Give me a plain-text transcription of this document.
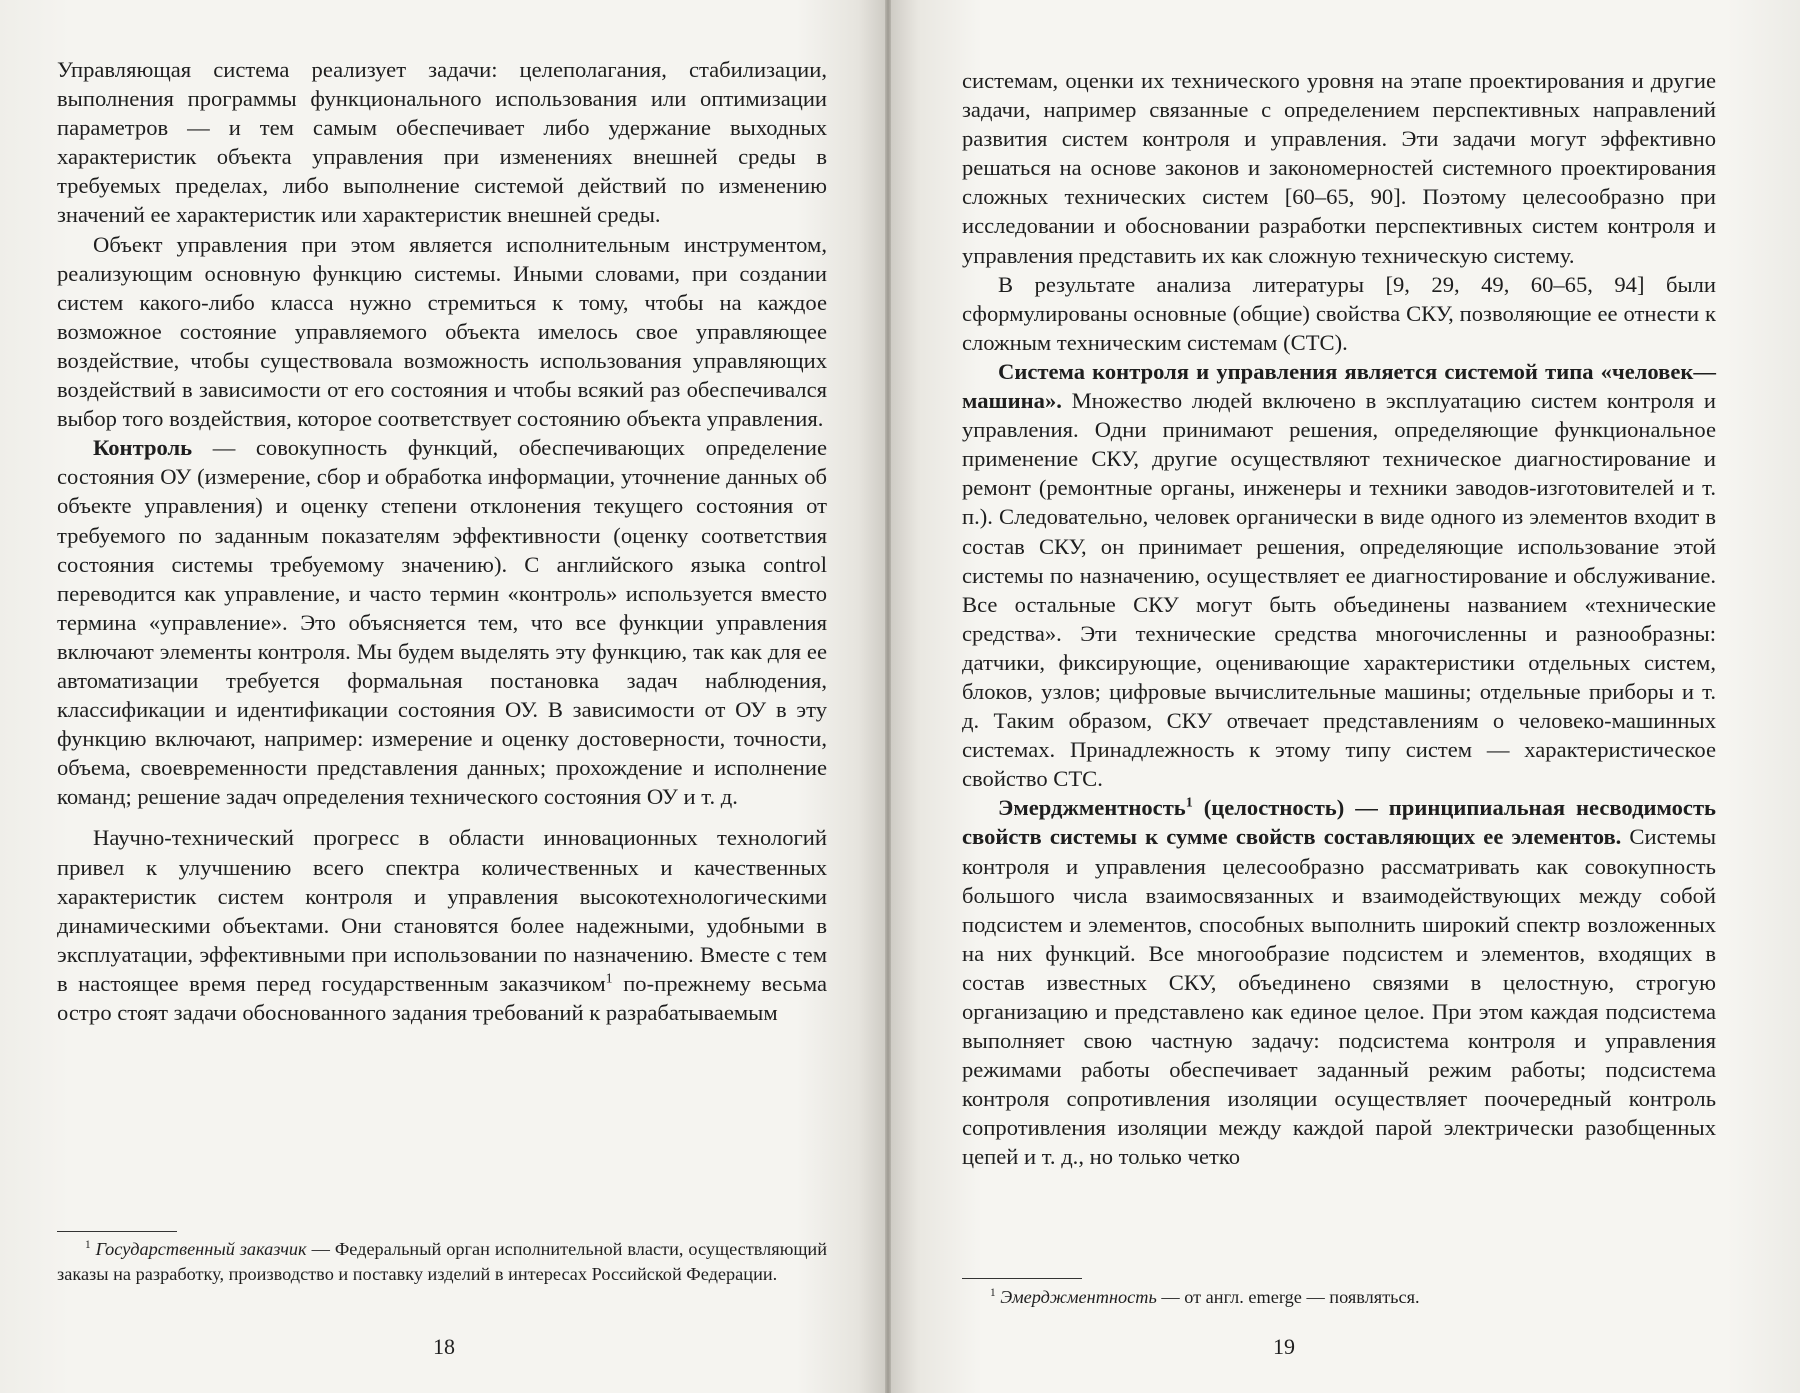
Управляющая система реализует задачи: целеполагания, стабилизации, выполнения программы функционального использования или оптимизации параметров — и тем самым обеспечивает либо удержание выходных характеристик объекта управления при изменениях внешней среды в требуемых пределах, либо выполнение системой действий по изменению значений ее характеристик или характеристик внешней среды.

Объект управления при этом является исполнительным инструментом, реализующим основную функцию системы. Иными словами, при создании систем какого-либо класса нужно стремиться к тому, чтобы на каждое возможное состояние управляемого объекта имелось свое управляющее воздействие, чтобы существовала возможность использования управляющих воздействий в зависимости от его состояния и чтобы всякий раз обеспечивался выбор того воздействия, которое соответствует состоянию объекта управления.

Контроль — совокупность функций, обеспечивающих определение состояния ОУ (измерение, сбор и обработка информации, уточнение данных об объекте управления) и оценку степени отклонения текущего состояния от требуемого по заданным показателям эффективности (оценку соответствия состояния системы требуемому значению). С английского языка control переводится как управление, и часто термин «контроль» используется вместо термина «управление». Это объясняется тем, что все функции управления включают элементы контроля. Мы будем выделять эту функцию, так как для ее автоматизации требуется формальная постановка задач наблюдения, классификации и идентификации состояния ОУ. В зависимости от ОУ в эту функцию включают, например: измерение и оценку достоверности, точности, объема, своевременности представления данных; прохождение и исполнение команд; решение задач определения технического состояния ОУ и т. д.

Научно-технический прогресс в области инновационных технологий привел к улучшению всего спектра количественных и качественных характеристик систем контроля и управления высокотехнологическими динамическими объектами. Они становятся более надежными, удобными в эксплуатации, эффективными при использовании по назначению. Вместе с тем в настоящее время перед государственным заказчиком$^1$ по-прежнему весьма остро стоят задачи обоснованного задания требований к разрабатываемым

$^1$ Государственный заказчик — Федеральный орган исполнительной власти, осуществляющий заказы на разработку, производство и поставку изделий в интересах Российской Федерации.
18

системам, оценки их технического уровня на этапе проектирования и другие задачи, например связанные с определением перспективных направлений развития систем контроля и управления. Эти задачи могут эффективно решаться на основе законов и закономерностей системного проектирования сложных технических систем [60–65, 90]. Поэтому целесообразно при исследовании и обосновании разработки перспективных систем контроля и управления представить их как сложную техническую систему.

В результате анализа литературы [9, 29, 49, 60–65, 94] были сформулированы основные (общие) свойства СКУ, позволяющие ее отнести к сложным техническим системам (СТС).

Система контроля и управления является системой типа «человек—машина». Множество людей включено в эксплуатацию систем контроля и управления. Одни принимают решения, определяющие функциональное применение СКУ, другие осуществляют техническое диагностирование и ремонт (ремонтные органы, инженеры и техники заводов-изготовителей и т. п.). Следовательно, человек органически в виде одного из элементов входит в состав СКУ, он принимает решения, определяющие использование этой системы по назначению, осуществляет ее диагностирование и обслуживание. Все остальные СКУ могут быть объединены названием «технические средства». Эти технические средства многочисленны и разнообразны: датчики, фиксирующие, оценивающие характеристики отдельных систем, блоков, узлов; цифровые вычислительные машины; отдельные приборы и т. д. Таким образом, СКУ отвечает представлениям о человеко-машинных системах. Принадлежность к этому типу систем — характеристическое свойство СТС.

Эмерджментность$^1$ (целостность) — принципиальная несводимость свойств системы к сумме свойств составляющих ее элементов. Системы контроля и управления целесообразно рассматривать как совокупность большого числа взаимосвязанных и взаимодействующих между собой подсистем и элементов, способных выполнить широкий спектр возложенных на них функций. Все многообразие подсистем и элементов, входящих в состав известных СКУ, объединено связями в целостную, строгую организацию и представлено как единое целое. При этом каждая подсистема выполняет свою частную задачу: подсистема контроля и управления режимами работы обеспечивает заданный режим работы; подсистема контроля сопротивления изоляции осуществляет поочередный контроль сопротивления изоляции между каждой парой электрически разобщенных цепей и т. д., но только четко

$^1$ Эмерджментность — от англ. emerge — появляться.
19
